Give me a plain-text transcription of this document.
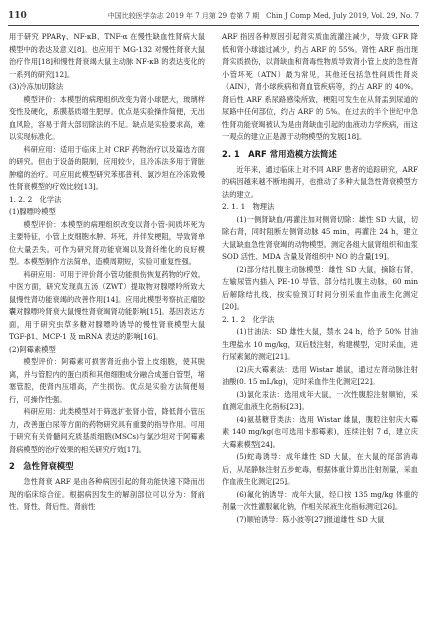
110	中国比较医学杂志 2019 年 7 月第 29 卷第 7 期　Chin J Comp Med, July 2019, Vol. 29, No. 7

用于研究 PPARγ、NF-κB、TNF-α 在慢性缺血性肾病大鼠模型中的表达及意义[8]。也应用于 MG-132 对慢性肾衰大鼠治疗作用[18]和慢性肾衰竭大鼠主动脉 NF-κB 的表达变化的一系列的研究[12]。

(3)冷冻加切除法

模型评价：本模型的病理组织改变为肾小球肥大，玻璃样变性及硬化，系膜基质增生肥厚。优点是实验操作简便，无出血风险，容易于肾大部切除法的不足。缺点是实验要求高，难以实现标准化。

科研应用：适用于临床上对 CRF 药物治疗以及篇选方面的研究。但由于设备的限制，应用较少，且冷冻法多用于肾脏肿瘤的治疗。可应用此模型研究苯那普利、氯沙坦在冷冻致慢性肾衰模型的疗效比较[13]。

1. 2. 2　化学法
(1)腺嘌呤模型

模型评价：本模型的病理组织改变以肾小管-间质坏死为主要特征，小管上皮细胞水肿、坏死，并伴发梗阻，导致肾单位大量丢失。可作为研究肾功能衰竭以及肾纤维化的良好模型。本模型制作方法简单，造模周期短，实验可重复性强。

科研应用：可用于评价肾小管功能损伤恢复药物的疗效。中医方面，研究发现真五汤（ZWT）提取物对腺嘌呤所致大鼠慢性肾功能衰竭的改善作用[14]。应用此模型考察抗正瘤胶囊对腺嘌呤肾衰大鼠慢性肾衰竭肾功能影响[15]。基因表达方面，用于研究虫草多糖对腺嘌呤诱导的慢性肾衰模型大鼠 TGF-β1、MCP-1 及 mRNA 表达的影响[16]。

(2)阿霉素模型

模型评价：阿霉素可损害肾近曲小管上皮细胞，使其脱离，并与管腔内的蛋白质和其他细胞成分融合成蛋白管型，堵塞管腔，使肾内压增高，产生损伤。优点是实验方法简便易行，可操作性强。

科研应用：此类模型对于筛选扩张肾小管，降低肾小管压力，改善蛋白尿等方面的药物研究具有重要的指导作用。可用于研究有关骨髓间充质基质细胞(MSCs)与氯沙坦对于阿霉素肾病模型的治疗效果的相关研究疗效[17]。

2　急性肾衰模型

急性肾衰 ARF 是由各种病因引起的肾功能快速下降而出现的临床综合征。根据病因发生的解剖部位可以分为：肾前性、肾性、肾后性。肾前性

ARF 指因各种原因引起肾实质血流灌注减少，导致 GFR 降低和肾小球滤过减少，约占 ARF 的 55%。肾性 ARF 指出现肾实质损伤，以肾缺血和肾毒性物质导致肾小管上皮的急性肾小管坏死（ATN）最为常见，其他还包括急性间质性肾炎（AIN），肾小球疾病和肾血管疾病等，约占 ARF 的 40%。肾后性 ARF 系尿路感染所致，梗阻可发生在从肾盂到尿道的尿路中任何部位，约占 ARF 的 5%。在过去的半个世纪中急性肾功能衰竭被认为是由肾缺血引起的血液动力学疾病，而这一观点的建立正是源于动物模型的发展[18]。

2. 1　ARF 常用造模方法简述

近年来，通过临床上对不同 ARF 患者的追踪研究，ARF 的病因越来越不断地揭开，也推动了多种大鼠急性肾衰模型方法的建立。

2. 1. 1　物理法

(1)一侧肾缺血/再灌注加对侧肾切除：雄性 SD 大鼠，切除右肾，同时阻断左侧肾动脉 45 min，再灌注 24 h，建立大鼠缺血急性肾衰竭的动物模型。测定各组大鼠肾组织和血浆 SOD 活性、MDA 含量及肾组织中 NO 的含量[19]。

(2)部分结扎腹主动脉模型：雄性 SD 大鼠，摘除右肾，左输尿管内插入 PE-10 导管，部分结扎腹主动脉，60 min 后解除结扎线，按实验预订时间分别采血作血液生化测定[20]。

2. 1. 2　化学法

(1)甘油法：SD 雄性大鼠，禁水 24 h，给予 50% 甘油生理盐水 10 mg/kg，双后肢注射，构建模型，定时采血，进行尿素氮的测定[21]。

(2)庆大霉素法：选用 Wistar 雄鼠，通过左肾动脉注射油酸(0. 15 mL/kg)，定时采血作生化测定[22]。

(3)氯化汞法：选用成年大鼠，一次性腹腔注射顺铂，采血测定血液生化指标[23]。

(4)氨基糖苷类法：选用 Wistar 雄鼠，腹腔注射庆大霉素 140 mg/kg(也可选用卡那霉素)，连续注射 7 d，建立庆大霉素模型[24]。

(5)蛇毒诱导：成年雄性 SD 大鼠，在大鼠的尾部消毒后，从尾静脉注射五步蛇毒，根据体重计算出注射剂量，采血作血液生化测定[25]。

(6)氟化钠诱导：成年大鼠，经口按 135 mg/kg 体重的剂量一次性灌服氟化钠，作相关尿液生化指标测定[26]。

(7)顺铂诱导：陈小波等[27]报道雄性 SD 大鼠
